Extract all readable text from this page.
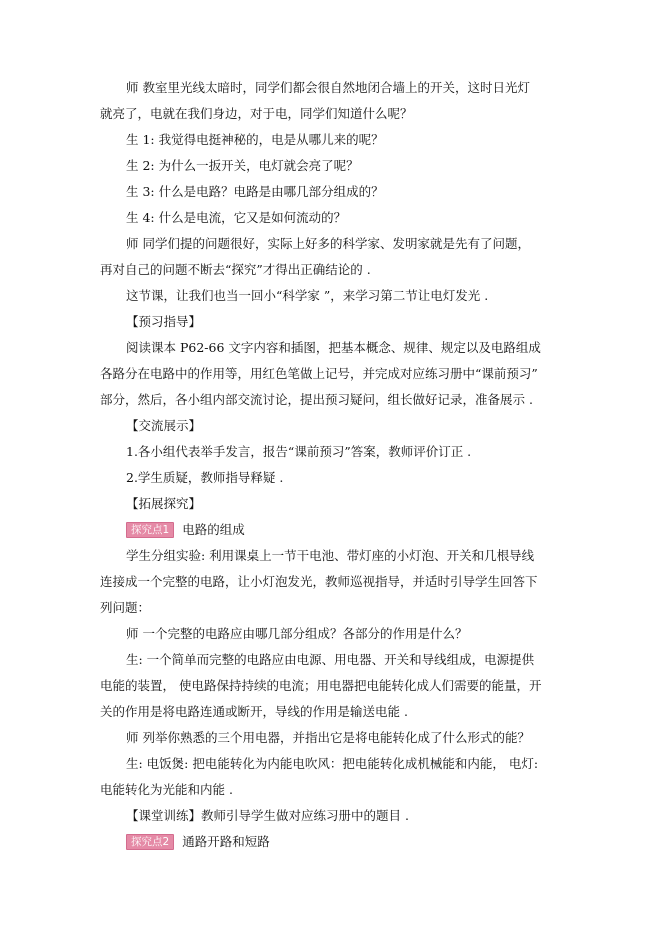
师 教室里光线太暗时，同学们都会很自然地闭合墙上的开关，这时日光灯
就亮了，电就在我们身边，对于电，同学们知道什么呢？
生 1: 我觉得电挺神秘的，电是从哪儿来的呢？
生 2: 为什么一扳开关，电灯就会亮了呢？
生 3: 什么是电路？电路是由哪几部分组成的？
生 4: 什么是电流，它又是如何流动的？
师 同学们提的问题很好，实际上好多的科学家、发明家就是先有了问题，
再对自己的问题不断去“探究”才得出正确结论的 .
这节课，让我们也当一回小“科学家 ”，来学习第二节让电灯发光 .
【预习指导】
阅读课本 P62-66 文字内容和插图，把基本概念、规律、规定以及电路组成
各路分在电路中的作用等，用红色笔做上记号，并完成对应练习册中“课前预习”
部分，然后，各小组内部交流讨论，提出预习疑问，组长做好记录，准备展示 .
【交流展示】
1.各小组代表举手发言，报告“课前预习”答案，教师评价订正 .
2.学生质疑，教师指导释疑 .
【拓展探究】
探究点1 电路的组成
学生分组实验: 利用课桌上一节干电池、带灯座的小灯泡、开关和几根导线
连接成一个完整的电路，让小灯泡发光，教师巡视指导，并适时引导学生回答下
列问题：
师 一个完整的电路应由哪几部分组成？各部分的作用是什么？
生: 一个简单而完整的电路应由电源、用电器、开关和导线组成，电源提供
电能的装置， 使电路保持持续的电流；用电器把电能转化成人们需要的能量，开
关的作用是将电路连通或断开，导线的作用是输送电能 .
师 列举你熟悉的三个用电器，并指出它是将电能转化成了什么形式的能？
生: 电饭煲: 把电能转化为内能电吹风：把电能转化成机械能和内能， 电灯:
电能转化为光能和内能 .
【课堂训练】教师引导学生做对应练习册中的题目 .
探究点2 通路开路和短路
